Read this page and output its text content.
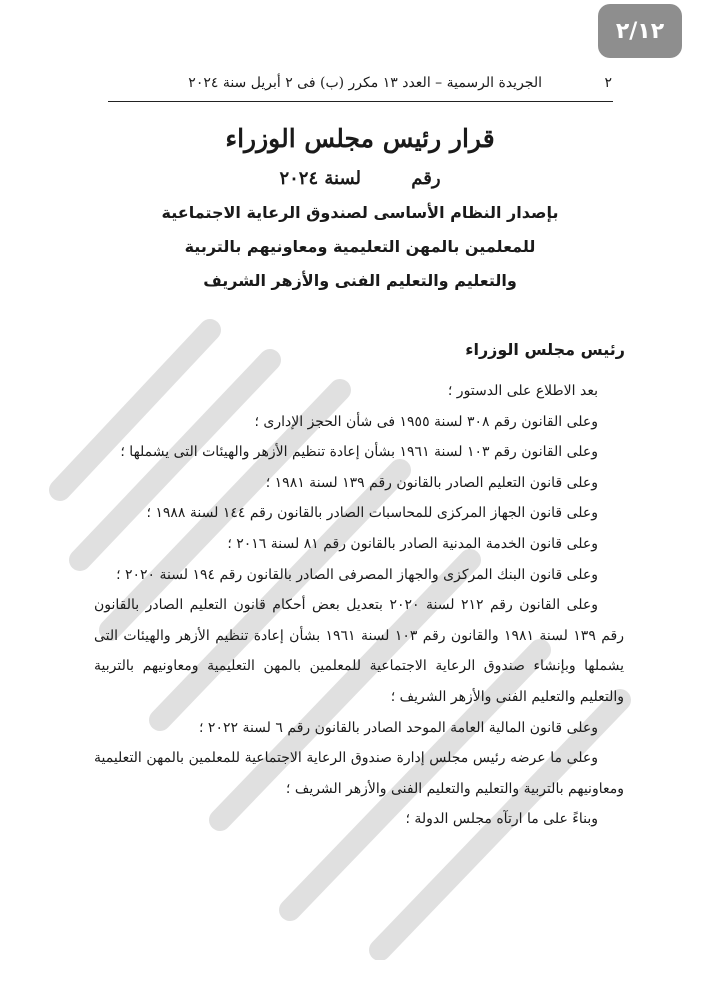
٢/١٢
٢
الجريدة الرسمية – العدد ١٣ مكرر (ب) فى ٢ أبريل سنة ٢٠٢٤
قرار رئيس مجلس الوزراء
رقم لسنة ٢٠٢٤
بإصدار النظام الأساسى لصندوق الرعاية الاجتماعية
للمعلمين بالمهن التعليمية ومعاونيهم بالتربية
والتعليم والتعليم الفنى والأزهر الشريف
رئيس مجلس الوزراء

بعد الاطلاع على الدستور ؛

وعلى القانون رقم ٣٠٨ لسنة ١٩٥٥ فى شأن الحجز الإدارى ؛

وعلى القانون رقم ١٠٣ لسنة ١٩٦١ بشأن إعادة تنظيم الأزهر والهيئات التى يشملها ؛

وعلى قانون التعليم الصادر بالقانون رقم ١٣٩ لسنة ١٩٨١ ؛

وعلى قانون الجهاز المركزى للمحاسبات الصادر بالقانون رقم ١٤٤ لسنة ١٩٨٨ ؛

وعلى قانون الخدمة المدنية الصادر بالقانون رقم ٨١ لسنة ٢٠١٦ ؛

وعلى قانون البنك المركزى والجهاز المصرفى الصادر بالقانون رقم ١٩٤ لسنة ٢٠٢٠ ؛

وعلى القانون رقم ٢١٢ لسنة ٢٠٢٠ بتعديل بعض أحكام قانون التعليم الصادر بالقانون رقم ١٣٩ لسنة ١٩٨١ والقانون رقم ١٠٣ لسنة ١٩٦١ بشأن إعادة تنظيم الأزهر والهيئات التى يشملها وبإنشاء صندوق الرعاية الاجتماعية للمعلمين بالمهن التعليمية ومعاونيهم بالتربية والتعليم والتعليم الفنى والأزهر الشريف ؛

وعلى قانون المالية العامة الموحد الصادر بالقانون رقم ٦ لسنة ٢٠٢٢ ؛

وعلى ما عرضه رئيس مجلس إدارة صندوق الرعاية الاجتماعية للمعلمين بالمهن التعليمية ومعاونيهم بالتربية والتعليم والتعليم الفنى والأزهر الشريف ؛

وبناءً على ما ارتآه مجلس الدولة ؛
